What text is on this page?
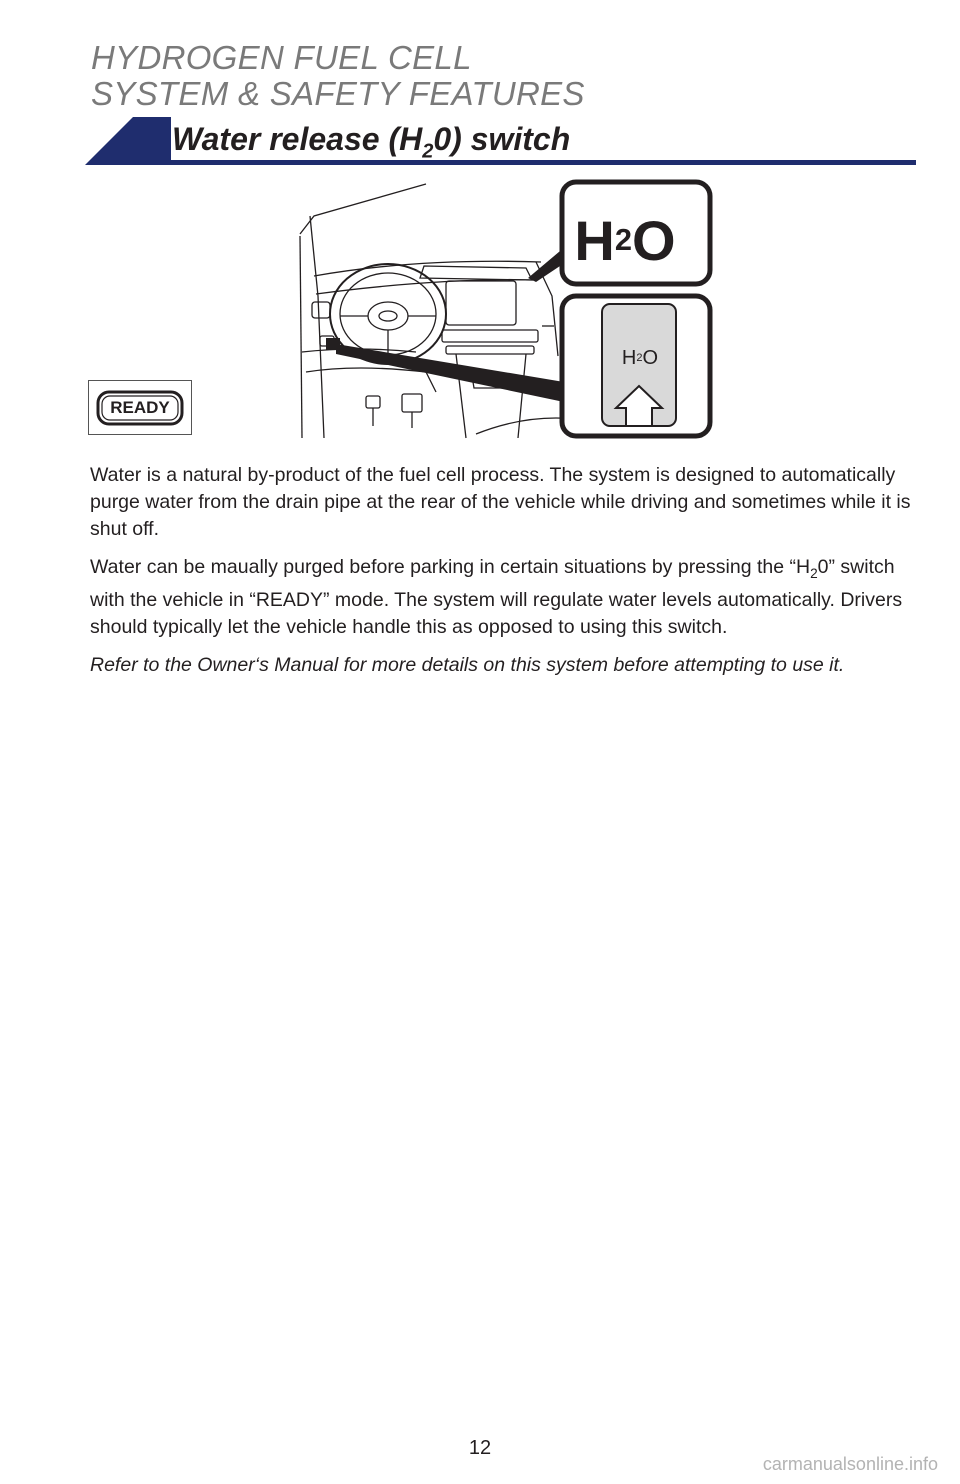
HYDROGEN FUEL CELL
SYSTEM & SAFETY FEATURES
Water release $(H_20)$ switch
READY
H 2 O
H 2 O

Water is a natural by-product of the fuel cell process. The system is designed to automatically purge water from the drain pipe at the rear of the vehicle while driving and sometimes while it is shut off.

Water can be maually purged before parking in certain situations by pressing the “$H_20$” switch with the vehicle in “READY” mode. The system will regulate water levels automatically. Drivers should typically let the vehicle handle this as opposed to using this switch.

Refer to the Owner‘s Manual for more details on this system before attempting to use it.

12
carmanualsonline.info
